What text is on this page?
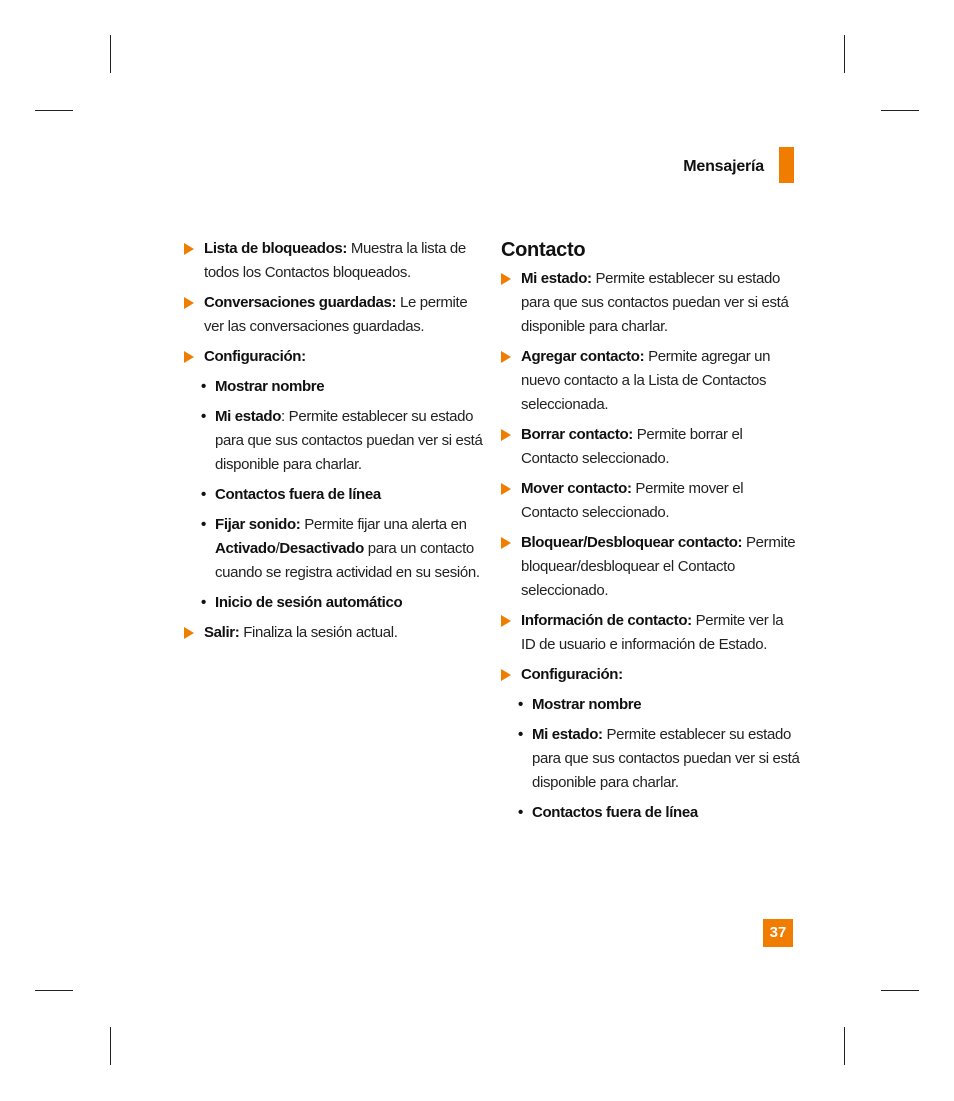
Mensajería
Lista de bloqueados: Muestra la lista de todos los Contactos bloqueados.
Conversaciones guardadas: Le permite ver las conversaciones guardadas.
Configuración:
• Mostrar nombre
• Mi estado: Permite establecer su estado para que sus contactos puedan ver si está disponible para charlar.
• Contactos fuera de línea
• Fijar sonido: Permite fijar una alerta en Activado/Desactivado para un contacto cuando se registra actividad en su sesión.
• Inicio de sesión automático
Salir: Finaliza la sesión actual.
Contacto
Mi estado: Permite establecer su estado para que sus contactos puedan ver si está disponible para charlar.
Agregar contacto: Permite agregar un nuevo contacto a la Lista de Contactos seleccionada.
Borrar contacto: Permite borrar el Contacto seleccionado.
Mover contacto: Permite mover el Contacto seleccionado.
Bloquear/Desbloquear contacto: Permite bloquear/desbloquear el Contacto seleccionado.
Información de contacto: Permite ver la ID de usuario e información de Estado.
Configuración:
• Mostrar nombre
• Mi estado: Permite establecer su estado para que sus contactos puedan ver si está disponible para charlar.
• Contactos fuera de línea
37
